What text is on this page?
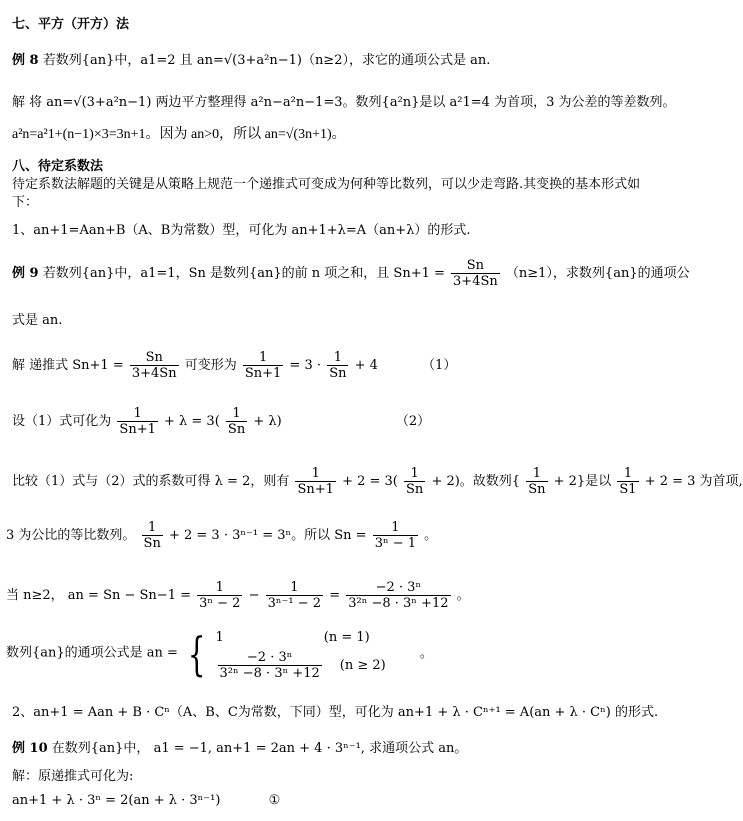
七、平方（开方）法
例 8 若数列{an}中，a1=2 且 an=√(3+a²n−1)（n≥2），求它的通项公式是 an.
解 将 an=√(3+a²n−1) 两边平方整理得 a²n−a²n−1=3。数列{a²n}是以 a²1=4 为首项，3 为公差的等差数列。
a²n=a²1+(n−1)×3=3n+1。因为 an>0，所以 an=√(3n+1)。
八、待定系数法
待定系数法解题的关键是从策略上规范一个递推式可变成为何种等比数列，可以少走弯路.其变换的基本形式如
下：
1、an+1=Aan+B（A、B为常数）型，可化为 an+1+λ=A（an+λ）的形式.
例 9 若数列{an}中，a1=1，Sn 是数列{an}的前 n 项之和，且 $Sn+1 = \frac{Sn}{3+4Sn} (n\ge 1)$，求数列{an}的通项公
式是 an.
解 递推式 $Sn+1 = \frac{Sn}{3+4Sn}$ 可变形为 $\frac{1}{Sn+1} = 3 \cdot \frac{1}{Sn} + 4$	（1）
设（1）式可化为 $\frac{1}{Sn+1} + \lambda = 3( \frac{1}{Sn} + \lambda)$	（2）
比较（1）式与（2）式的系数可得 λ = 2，则有 $\frac{1}{Sn+1} + 2 = 3( \frac{1}{Sn} + 2)$。故数列{ $\frac{1}{Sn} + 2$}是以 $\frac{1}{S1} + 2 = 3$ 为首项,
3 为公比的等比数列。 $\frac{1}{Sn} + 2 = 3 \cdot 3^{n-1} = 3^n$。所以 $Sn = \frac{1}{\text{3ⁿ − 1}}$ 。
当 n≥2， an = $Sn - Sn-1 = \frac{1}{\text{3ⁿ − 2}} - \frac{1}{\text{3ⁿ⁻¹ − 2}} = \frac{\text{−2 · 3ⁿ}}{\text{3²ⁿ −8 · 3ⁿ +12}}$ 。
数列{an}的通项公式是 an = { 1	(n = 1)
$\frac{\text{−2 · 3ⁿ}}{\text{3²ⁿ −8 · 3ⁿ +12}} (n \ge 2)$
。
2、an+1 = Aan + B · Cⁿ（A、B、C为常数，下同）型，可化为 an+1 + λ · Cⁿ⁺¹ = A(an + λ · Cⁿ) 的形式.
例 10 在数列{an}中， a1 = −1, an+1 = 2an + 4 · 3ⁿ⁻¹, 求通项公式 an。
解：原递推式可化为:
an+1 + λ · 3ⁿ = 2(an + λ · 3ⁿ⁻¹)	①
